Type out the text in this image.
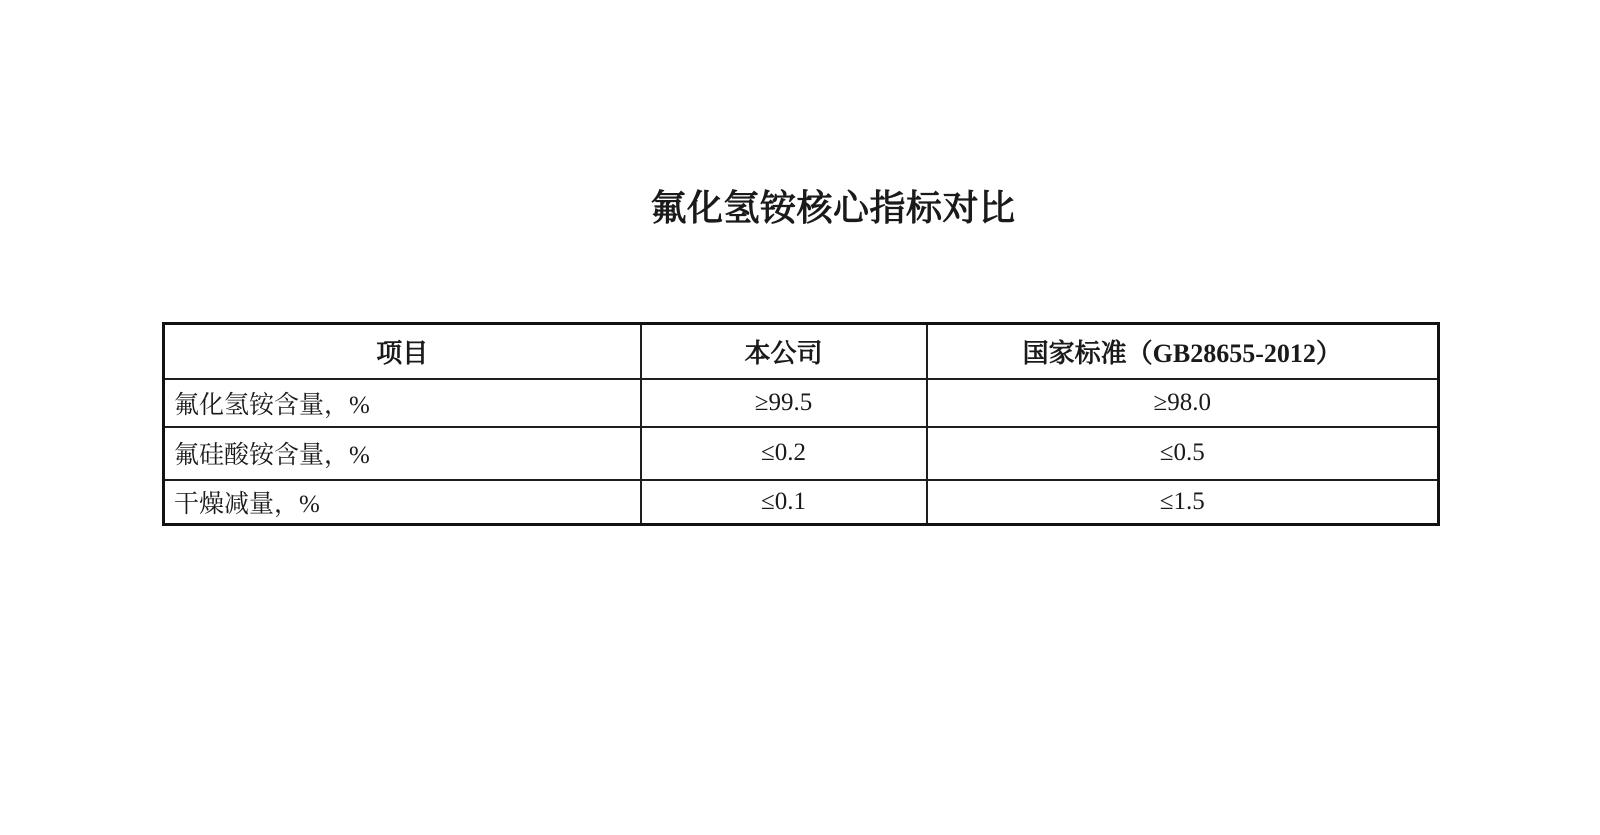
氟化氢铵核心指标对比
项目	本公司	国家标准（GB28655-2012）
氟化氢铵含量，%	≥99.5	≥98.0
氟硅酸铵含量，%	≤0.2	≤0.5
干燥减量，%	≤0.1	≤1.5
